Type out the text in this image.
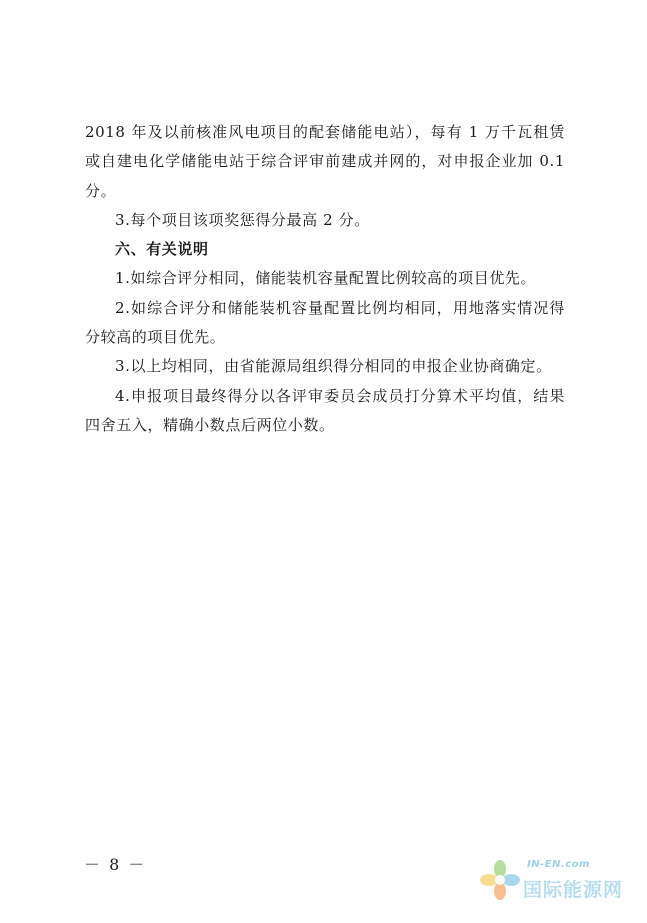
2018 年及以前核准风电项目的配套储能电站），每有 1 万千瓦租赁或自建电化学储能电站于综合评审前建成并网的，对申报企业加 0.1 分。

3.每个项目该项奖惩得分最高 2 分。

六、有关说明

1.如综合评分相同，储能装机容量配置比例较高的项目优先。

2.如综合评分和储能装机容量配置比例均相同，用地落实情况得分较高的项目优先。

3.以上均相同，由省能源局组织得分相同的申报企业协商确定。

4.申报项目最终得分以各评审委员会成员打分算术平均值，结果四舍五入，精确小数点后两位小数。

－ 8 －	IN-EN.com
国际能源网
